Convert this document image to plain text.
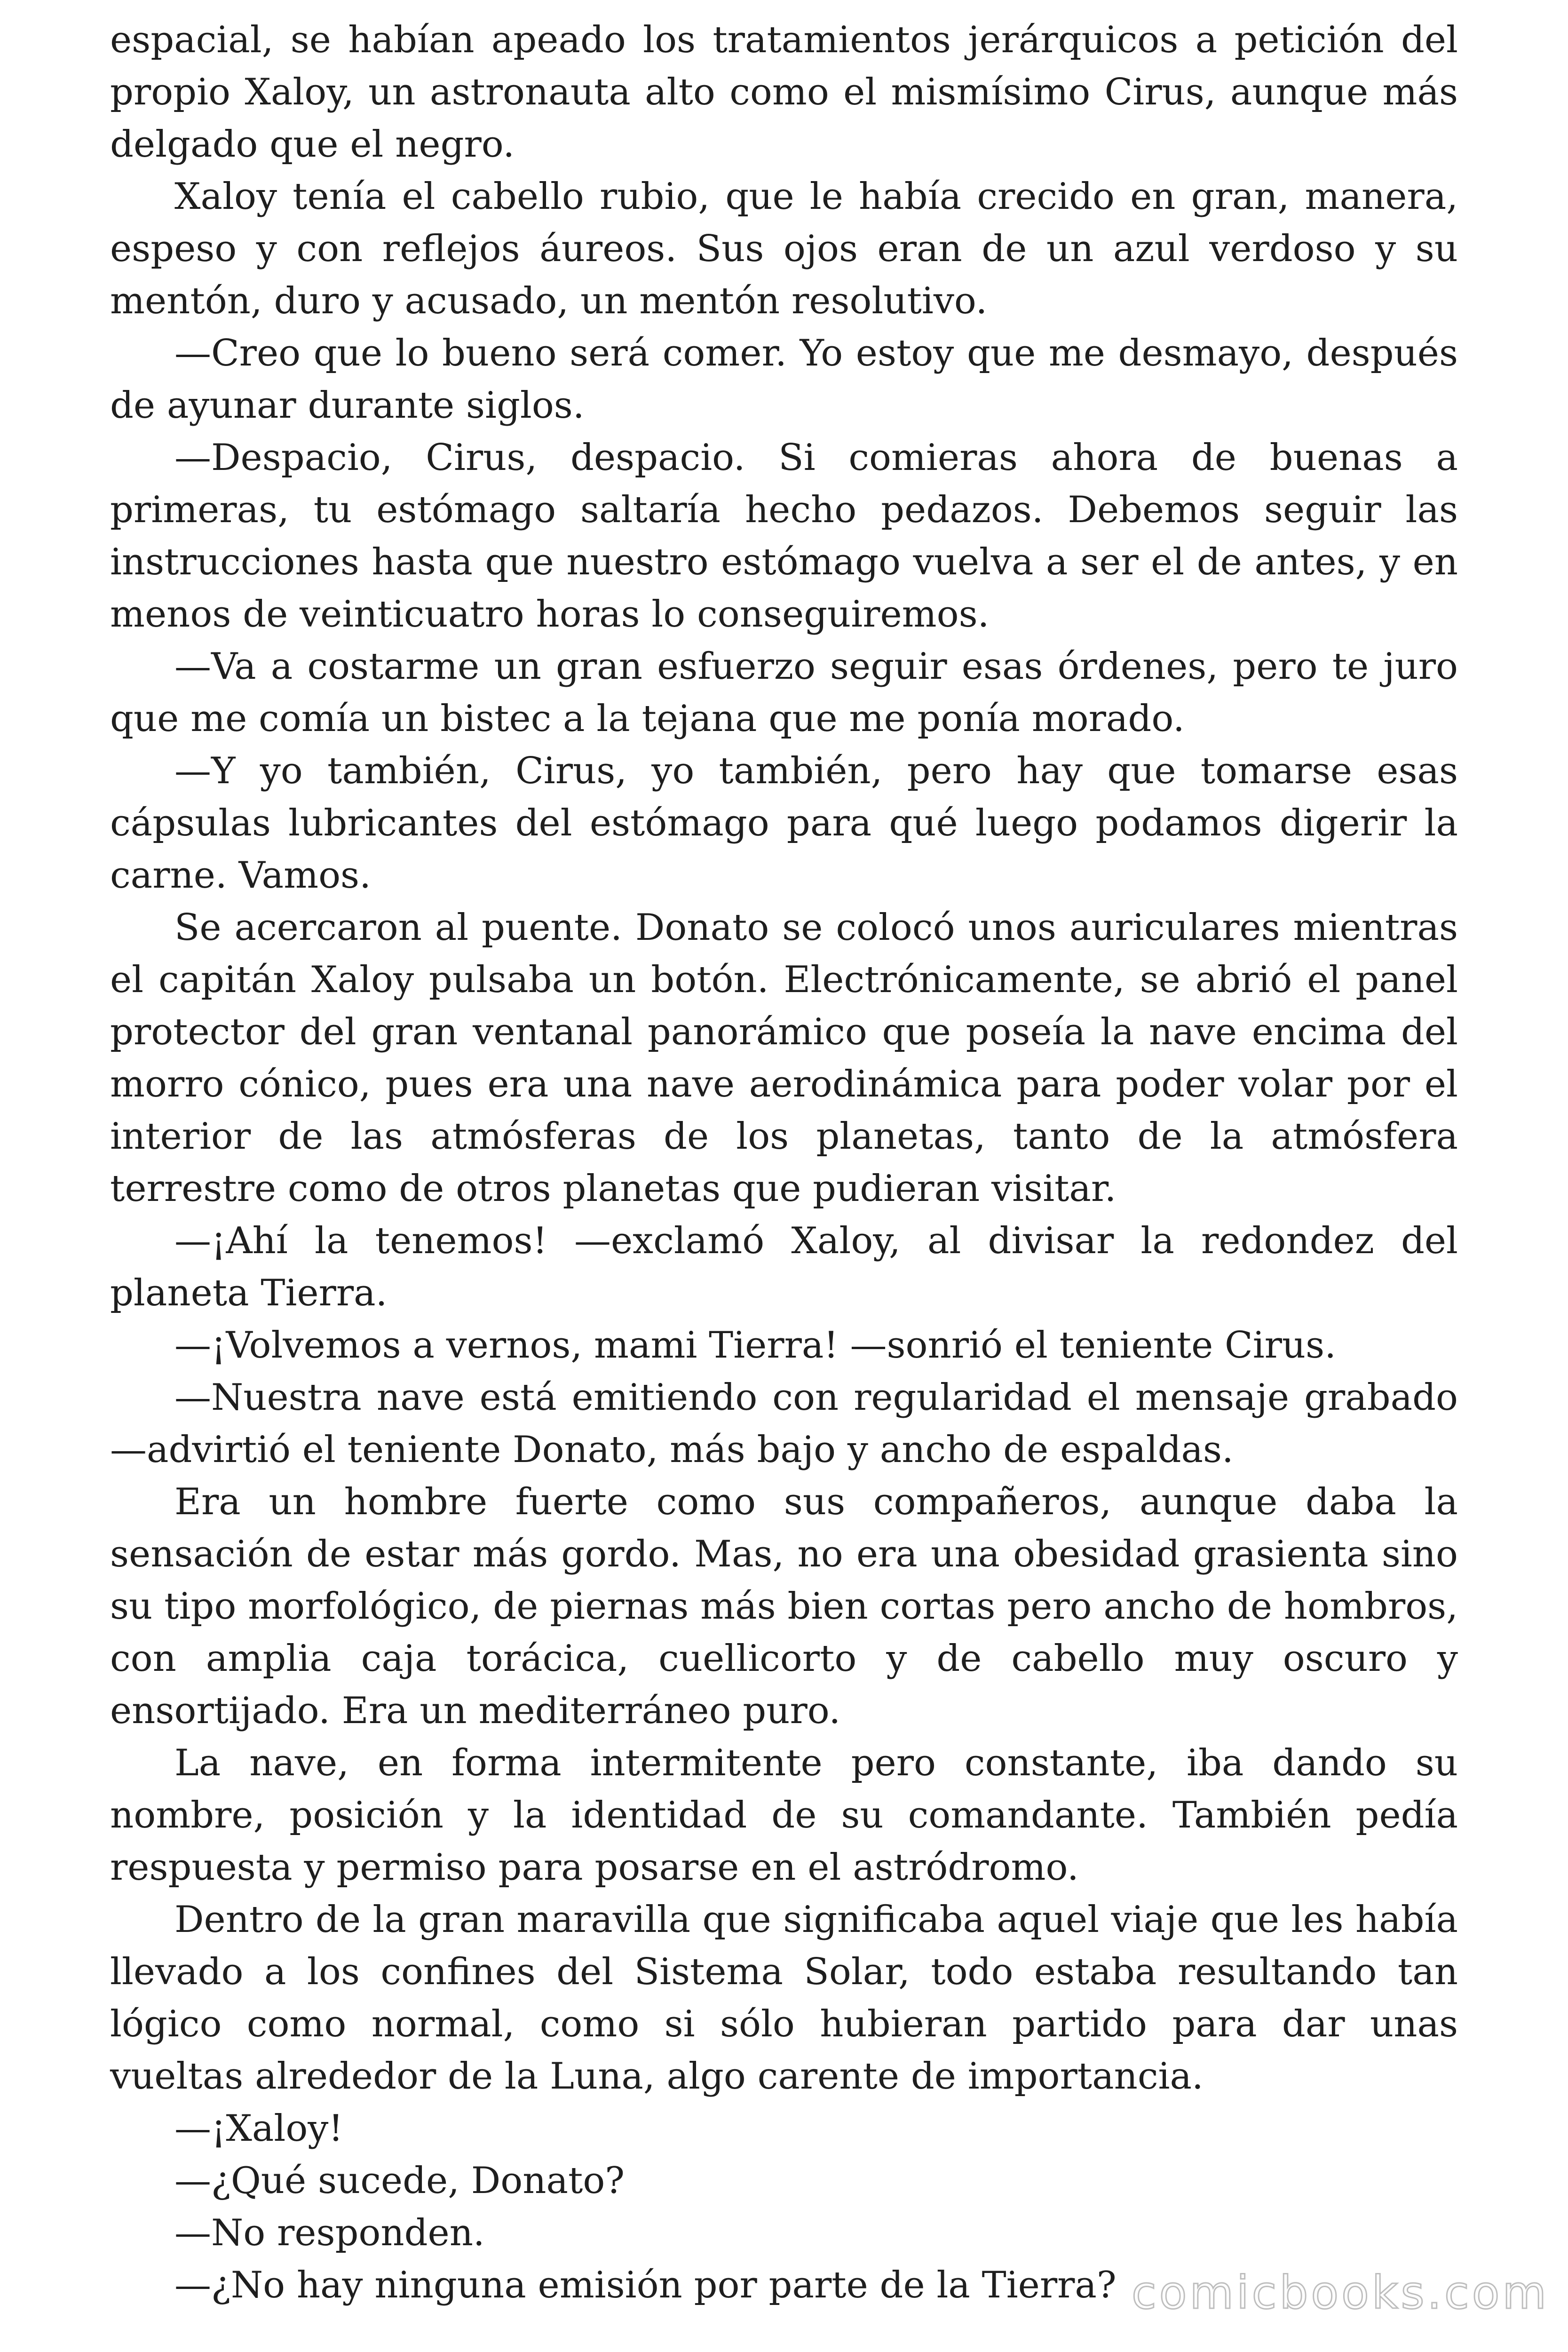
espacial, se habían apeado los tratamientos jerárquicos a petición del propio Xaloy, un astronauta alto como el mismísimo Cirus, aunque más delgado que el negro.

Xaloy tenía el cabello rubio, que le había crecido en gran, manera, espeso y con reflejos áureos. Sus ojos eran de un azul verdoso y su mentón, duro y acusado, un mentón resolutivo.

—Creo que lo bueno será comer. Yo estoy que me desmayo, después de ayunar durante siglos.

—Despacio, Cirus, despacio. Si comieras ahora de buenas a primeras, tu estómago saltaría hecho pedazos. Debemos seguir las instrucciones hasta que nuestro estómago vuelva a ser el de antes, y en menos de veinticuatro horas lo conseguiremos.

—Va a costarme un gran esfuerzo seguir esas órdenes, pero te juro que me comía un bistec a la tejana que me ponía morado.

—Y yo también, Cirus, yo también, pero hay que tomarse esas cápsulas lubricantes del estómago para qué luego podamos digerir la carne. Vamos.

Se acercaron al puente. Donato se colocó unos auriculares mientras el capitán Xaloy pulsaba un botón. Electrónicamente, se abrió el panel protector del gran ventanal panorámico que poseía la nave encima del morro cónico, pues era una nave aerodinámica para poder volar por el interior de las atmósferas de los planetas, tanto de la atmósfera terrestre como de otros planetas que pudieran visitar.

—¡Ahí la tenemos! —exclamó Xaloy, al divisar la redondez del planeta Tierra.

—¡Volvemos a vernos, mami Tierra! —sonrió el teniente Cirus.

—Nuestra nave está emitiendo con regularidad el mensaje grabado —advirtió el teniente Donato, más bajo y ancho de espaldas.

Era un hombre fuerte como sus compañeros, aunque daba la sensación de estar más gordo. Mas, no era una obesidad grasienta sino su tipo morfológico, de piernas más bien cortas pero ancho de hombros, con amplia caja torácica, cuellicorto y de cabello muy oscuro y ensortijado. Era un mediterráneo puro.

La nave, en forma intermitente pero constante, iba dando su nombre, posición y la identidad de su comandante. También pedía respuesta y permiso para posarse en el astródromo.

Dentro de la gran maravilla que significaba aquel viaje que les había llevado a los confines del Sistema Solar, todo estaba resultando tan lógico como normal, como si sólo hubieran partido para dar unas vueltas alrededor de la Luna, algo carente de importancia.

—¡Xaloy!

—¿Qué sucede, Donato?

—No responden.

—¿No hay ninguna emisión por parte de la Tierra? comicbooks.com
